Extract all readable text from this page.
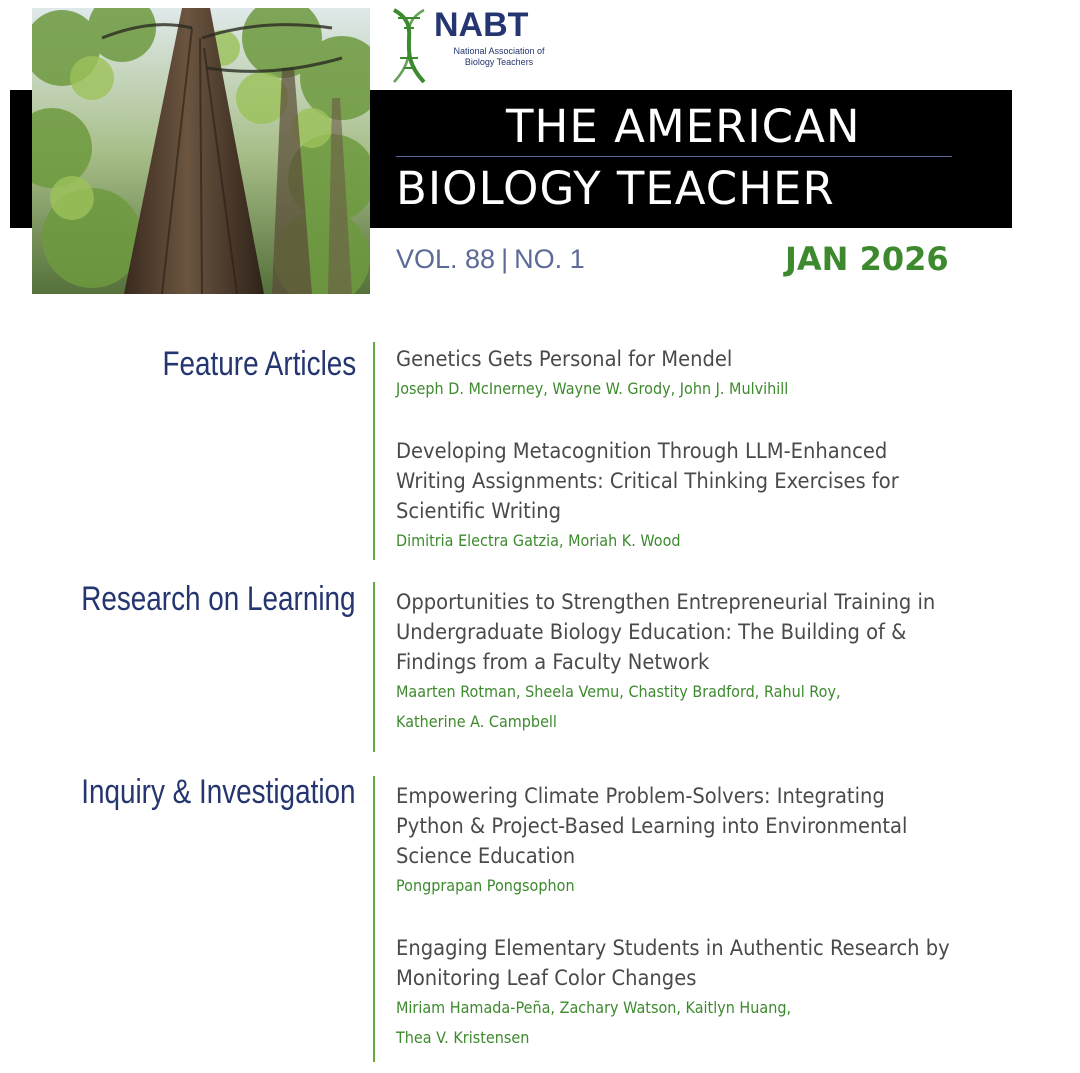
NABT
National Association of
Biology Teachers
THE AMERICAN
BIOLOGY TEACHER
VOL. 88 | NO. 1	JAN 2026
Feature Articles Genetics Gets Personal for Mendel
Joseph D. McInerney, Wayne W. Grody, John J. Mulvihill
Developing Metacognition Through LLM-Enhanced
Writing Assignments: Critical Thinking Exercises for
Scientific Writing
Dimitria Electra Gatzia, Moriah K. Wood
Research on Learning Opportunities to Strengthen Entrepreneurial Training in
Undergraduate Biology Education: The Building of &
Findings from a Faculty Network
Maarten Rotman, Sheela Vemu, Chastity Bradford, Rahul Roy,
Katherine A. Campbell
Inquiry & Investigation Empowering Climate Problem-Solvers: Integrating
Python & Project-Based Learning into Environmental
Science Education
Pongprapan Pongsophon
Engaging Elementary Students in Authentic Research by
Monitoring Leaf Color Changes
Miriam Hamada-Peña, Zachary Watson, Kaitlyn Huang,
Thea V. Kristensen
